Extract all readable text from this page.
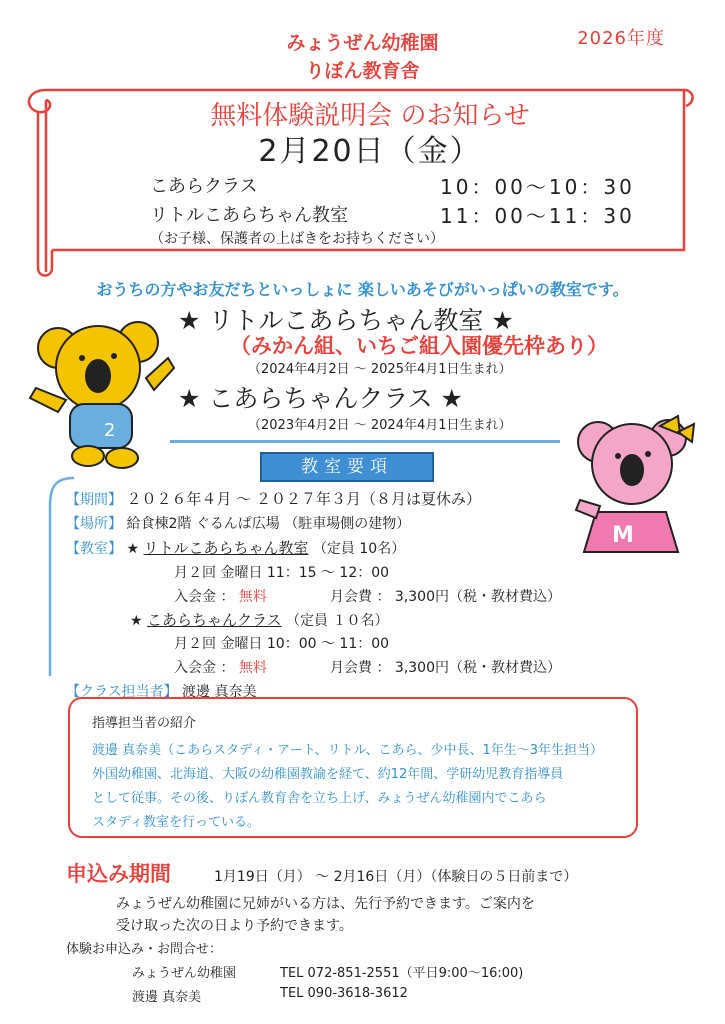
みょうぜん幼稚園
りぼん教育舎
2026年度
無料体験説明会 のお知らせ
2月20日（金）
こあらクラス	10：00〜10：30
リトルこあらちゃん教室	11：00〜11：30
（お子様、保護者の上ばきをお持ちください）
おうちの方やお友だちといっしょに 楽しいあそびがいっぱいの教室です。
★ リトルこあらちゃん教室 ★
（みかん組、いちご組入園優先枠あり）
（2024年4月2日 〜 2025年4月1日生まれ）
★ こあらちゃんクラス ★
（2023年4月2日 〜 2024年4月1日生まれ）
2
M
教室要項
【期間】 ２０２６年４月 〜 ２０２７年３月（８月は夏休み）
【場所】 給食棟2階 ぐるんぱ広場 （駐車場側の建物）
【教室】 ★ リトルこあらちゃん教室 （定員 10名）
月２回 金曜日 11：15 〜 12：00
入会金 ： 無料	月会費 ： 3,300円（税・教材費込）
★ こあらちゃんクラス （定員 １０名）
月２回 金曜日 10：00 〜 11：00
入会金 ： 無料	月会費 ： 3,300円（税・教材費込）
【クラス担当者】 渡邊 真奈美
指導担当者の紹介
渡邊 真奈美（こあらスタディ・アート、リトル、こあら、少中長、1年生〜3年生担当）
外国幼稚園、北海道、大阪の幼稚園教諭を経て、約12年間、学研幼児教育指導員
として従事。その後、りぼん教育舎を立ち上げ、みょうぜん幼稚園内でこあら
スタディ教室を行っている。
申込み期間	1月19日（月） 〜 2月16日（月）（体験日の５日前まで）
みょうぜん幼稚園に兄姉がいる方は、先行予約できます。ご案内を
受け取った次の日より予約できます。
体験お申込み・お問合せ：
みょうぜん幼稚園	TEL 072-851-2551（平日9:00〜16:00)
渡邊 真奈美	TEL 090-3618-3612
